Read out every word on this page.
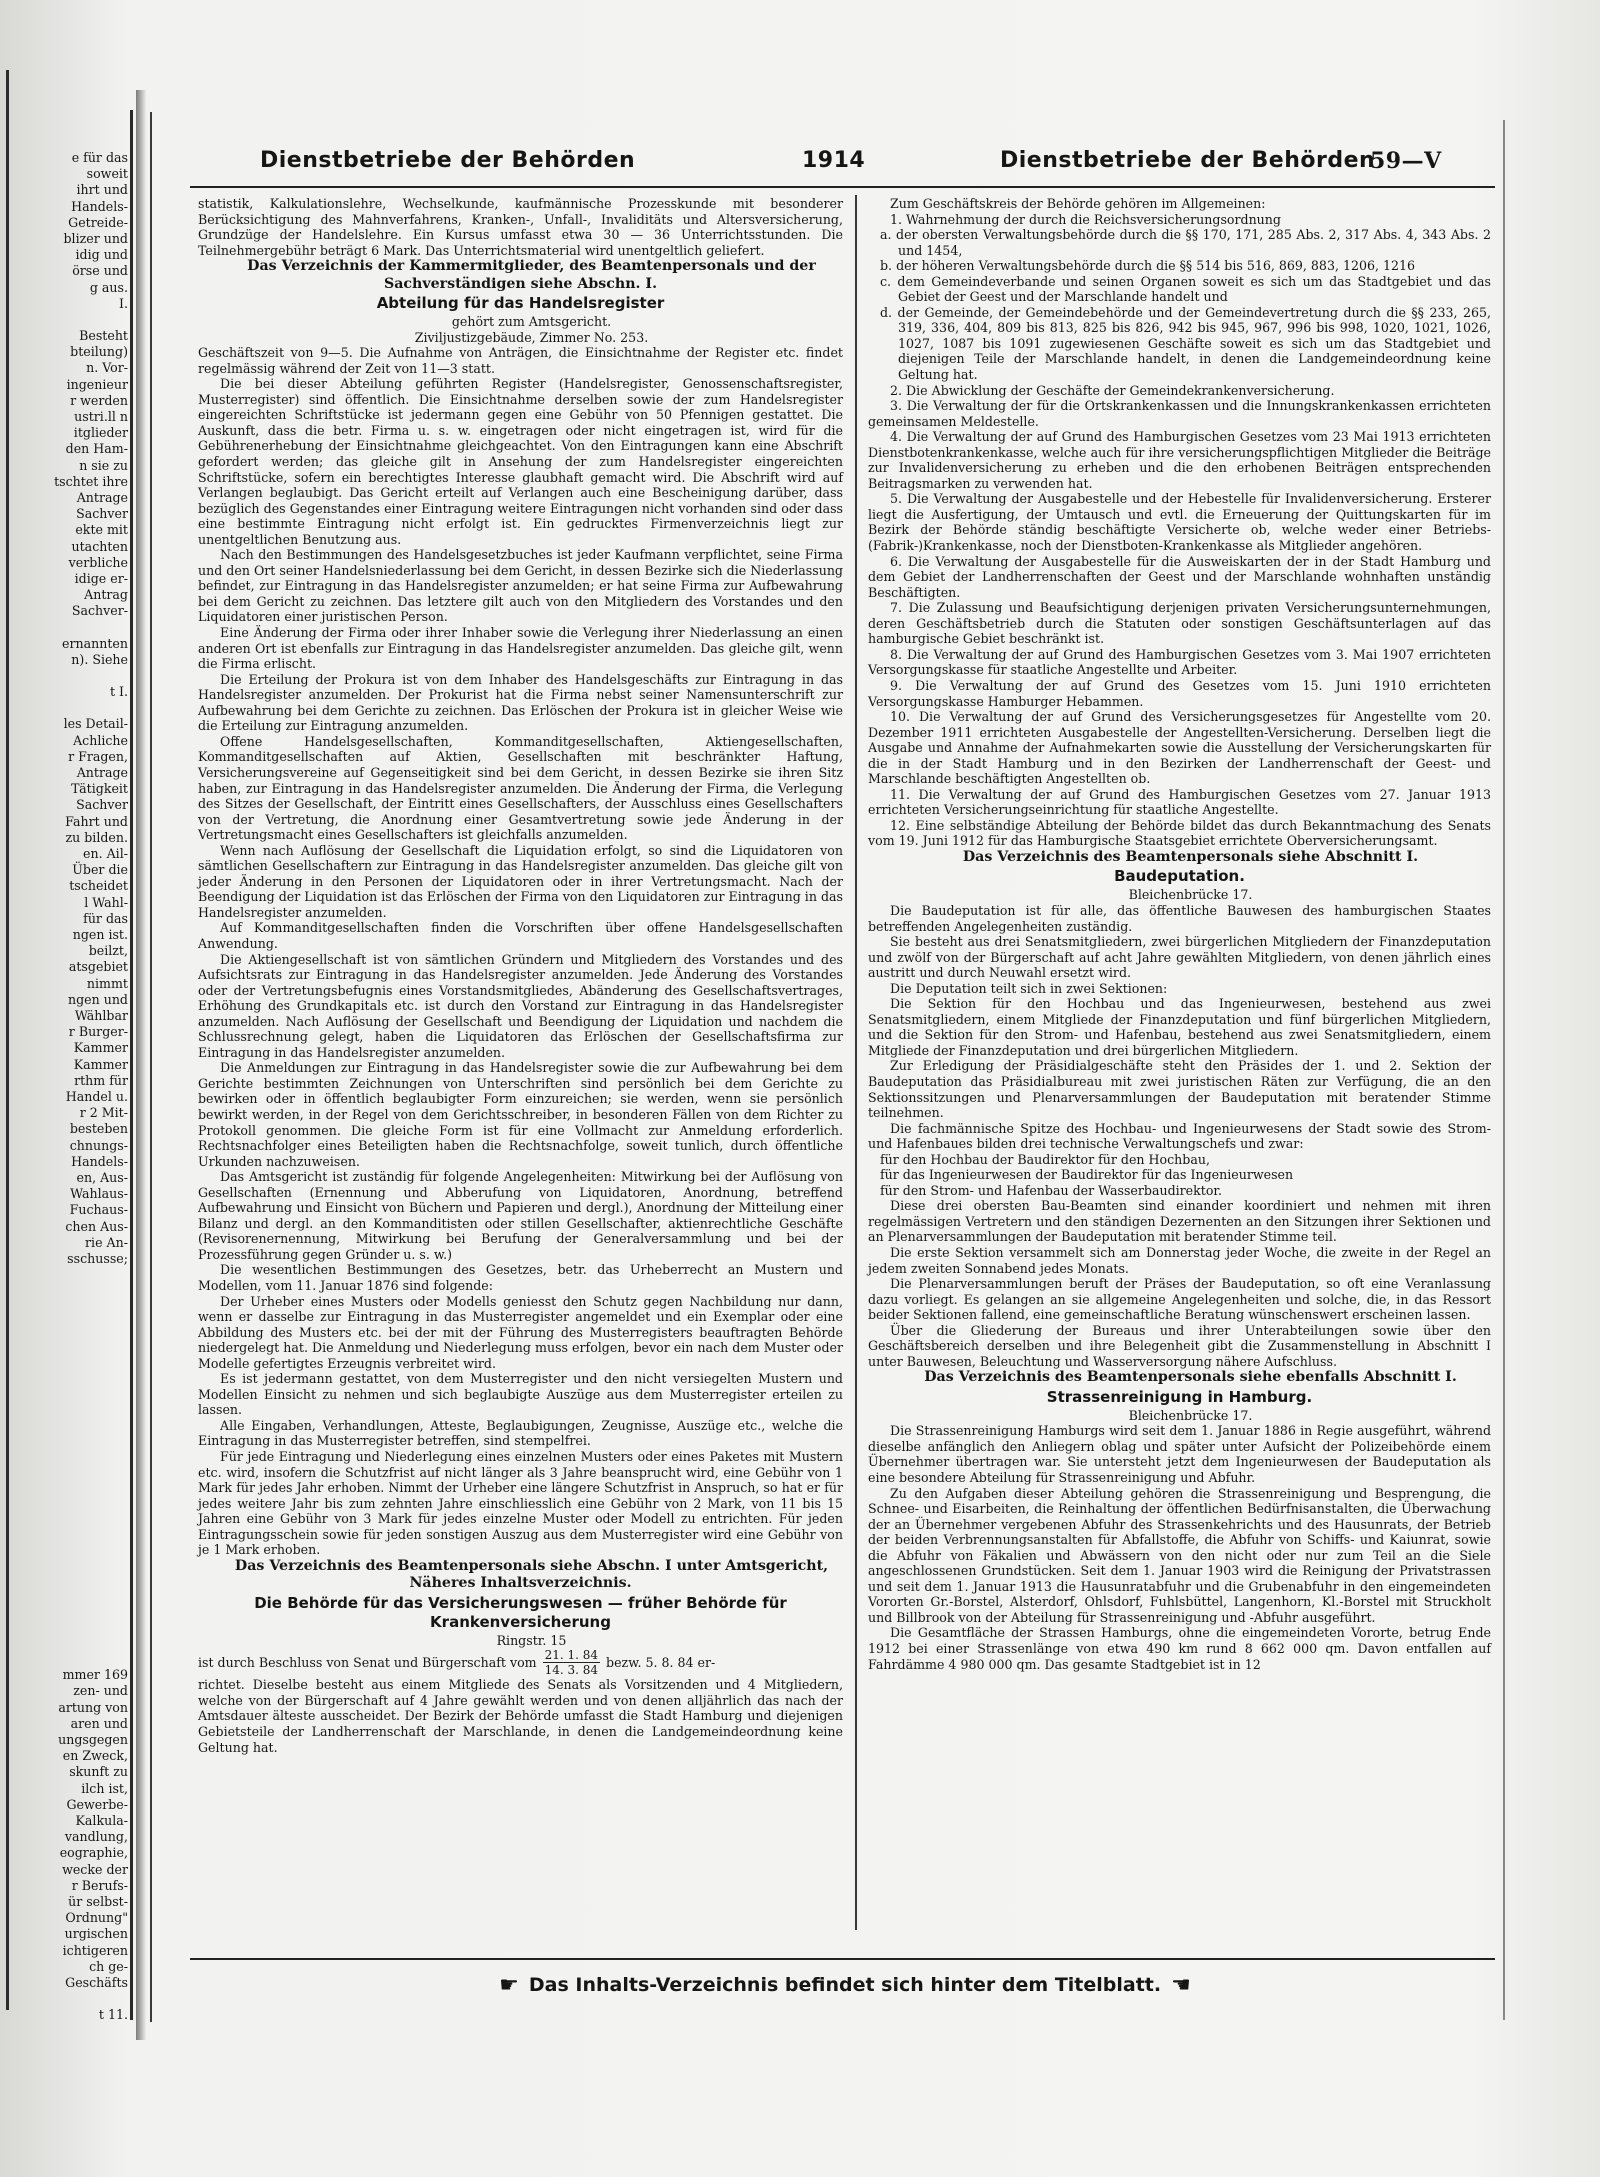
e für das
soweit
ihrt und
Handels-
Getreide-
blizer und
idig und
örse und
g aus.
I.
Besteht
bteilung)
n. Vor-
ingenieur
r werden
ustri.ll n
itglieder
den Ham-
n sie zu
tschtet ihre
Antrage
Sachver
ekte mit
utachten
verbliche
idige er-
Antrag
Sachver-
ernannten
n). Siehe
t I.
les Detail-
Achliche
r Fragen,
Antrage
Tätigkeit
Sachver
Fahrt und
zu bilden.
en. Ail-
Über die
tscheidet
l Wahl-
für das
ngen ist.
beilzt,
atsgebiet
nimmt
ngen und
Wählbar
r Burger-
Kammer
Kammer
rthm für
Handel u.
r 2 Mit-
besteben
chnungs-
Handels-
en, Aus-
Wahlaus-
Fuchaus-
chen Aus-
rie An-
sschusse;
mmer 169
zen- und
artung von
aren und
ungsgegen
en Zweck,
skunft zu
ilch ist,
Gewerbe-
Kalkula-
vandlung,
eographie,
wecke der
r Berufs-
ür selbst-
Ordnung"
urgischen
ichtigeren
ch ge-
Geschäfts
t 11.
Dienstbetriebe der Behörden	1914	Dienstbetriebe der Behörden
59—V

statistik, Kalkulationslehre, Wechselkunde, kaufmännische Prozesskunde mit besonderer Berücksichtigung des Mahnverfahrens, Kranken-, Unfall-, Invaliditäts und Altersversicherung, Grundzüge der Handelslehre. Ein Kursus umfasst etwa 30 — 36 Unterrichtsstunden. Die Teilnehmergebühr beträgt 6 Mark. Das Unterrichtsmaterial wird unentgeltlich geliefert.

Das Verzeichnis der Kammermitglieder, des Beamtenpersonals und der Sachverständigen siehe Abschn. I.

Abteilung für das Handelsregister

gehört zum Amtsgericht.

Ziviljustizgebäude, Zimmer No. 253.

Geschäftszeit von 9—5. Die Aufnahme von Anträgen, die Einsichtnahme der Register etc. findet regelmässig während der Zeit von 11—3 statt.

Die bei dieser Abteilung geführten Register (Handelsregister, Genossenschaftsregister, Musterregister) sind öffentlich. Die Einsichtnahme derselben sowie der zum Handelsregister eingereichten Schriftstücke ist jedermann gegen eine Gebühr von 50 Pfennigen gestattet. Die Auskunft, dass die betr. Firma u. s. w. eingetragen oder nicht eingetragen ist, wird für die Gebührenerhebung der Einsichtnahme gleichgeachtet. Von den Eintragungen kann eine Abschrift gefordert werden; das gleiche gilt in Ansehung der zum Handelsregister eingereichten Schriftstücke, sofern ein berechtigtes Interesse glaubhaft gemacht wird. Die Abschrift wird auf Verlangen beglaubigt. Das Gericht erteilt auf Verlangen auch eine Bescheinigung darüber, dass bezüglich des Gegenstandes einer Eintragung weitere Eintragungen nicht vorhanden sind oder dass eine bestimmte Eintragung nicht erfolgt ist. Ein gedrucktes Firmenverzeichnis liegt zur unentgeltlichen Benutzung aus.

Nach den Bestimmungen des Handelsgesetzbuches ist jeder Kaufmann verpflichtet, seine Firma und den Ort seiner Handelsniederlassung bei dem Gericht, in dessen Bezirke sich die Niederlassung befindet, zur Eintragung in das Handelsregister anzumelden; er hat seine Firma zur Aufbewahrung bei dem Gericht zu zeichnen. Das letztere gilt auch von den Mitgliedern des Vorstandes und den Liquidatoren einer juristischen Person.

Eine Änderung der Firma oder ihrer Inhaber sowie die Verlegung ihrer Niederlassung an einen anderen Ort ist ebenfalls zur Eintragung in das Handelsregister anzumelden. Das gleiche gilt, wenn die Firma erlischt.

Die Erteilung der Prokura ist von dem Inhaber des Handelsgeschäfts zur Eintragung in das Handelsregister anzumelden. Der Prokurist hat die Firma nebst seiner Namensunterschrift zur Aufbewahrung bei dem Gerichte zu zeichnen. Das Erlöschen der Prokura ist in gleicher Weise wie die Erteilung zur Eintragung anzumelden.

Offene Handelsgesellschaften, Kommanditgesellschaften, Aktiengesellschaften, Kommanditgesellschaften auf Aktien, Gesellschaften mit beschränkter Haftung, Versicherungsvereine auf Gegenseitigkeit sind bei dem Gericht, in dessen Bezirke sie ihren Sitz haben, zur Eintragung in das Handelsregister anzumelden. Die Änderung der Firma, die Verlegung des Sitzes der Gesellschaft, der Eintritt eines Gesellschafters, der Ausschluss eines Gesellschafters von der Vertretung, die Anordnung einer Gesamtvertretung sowie jede Änderung in der Vertretungsmacht eines Gesellschafters ist gleichfalls anzumelden.

Wenn nach Auflösung der Gesellschaft die Liquidation erfolgt, so sind die Liquidatoren von sämtlichen Gesellschaftern zur Eintragung in das Handelsregister anzumelden. Das gleiche gilt von jeder Änderung in den Personen der Liquidatoren oder in ihrer Vertretungsmacht. Nach der Beendigung der Liquidation ist das Erlöschen der Firma von den Liquidatoren zur Eintragung in das Handelsregister anzumelden.

Auf Kommanditgesellschaften finden die Vorschriften über offene Handelsgesellschaften Anwendung.

Die Aktiengesellschaft ist von sämtlichen Gründern und Mitgliedern des Vorstandes und des Aufsichtsrats zur Eintragung in das Handelsregister anzumelden. Jede Änderung des Vorstandes oder der Vertretungsbefugnis eines Vorstandsmitgliedes, Abänderung des Gesellschaftsvertrages, Erhöhung des Grundkapitals etc. ist durch den Vorstand zur Eintragung in das Handelsregister anzumelden. Nach Auflösung der Gesellschaft und Beendigung der Liquidation und nachdem die Schlussrechnung gelegt, haben die Liquidatoren das Erlöschen der Gesellschaftsfirma zur Eintragung in das Handelsregister anzumelden.

Die Anmeldungen zur Eintragung in das Handelsregister sowie die zur Aufbewahrung bei dem Gerichte bestimmten Zeichnungen von Unterschriften sind persönlich bei dem Gerichte zu bewirken oder in öffentlich beglaubigter Form einzureichen; sie werden, wenn sie persönlich bewirkt werden, in der Regel von dem Gerichtsschreiber, in besonderen Fällen von dem Richter zu Protokoll genommen. Die gleiche Form ist für eine Vollmacht zur Anmeldung erforderlich. Rechtsnachfolger eines Beteiligten haben die Rechtsnachfolge, soweit tunlich, durch öffentliche Urkunden nachzuweisen.

Das Amtsgericht ist zuständig für folgende Angelegenheiten: Mitwirkung bei der Auflösung von Gesellschaften (Ernennung und Abberufung von Liquidatoren, Anordnung, betreffend Aufbewahrung und Einsicht von Büchern und Papieren und dergl.), Anordnung der Mitteilung einer Bilanz und dergl. an den Kommanditisten oder stillen Gesellschafter, aktienrechtliche Geschäfte (Revisorenernennung, Mitwirkung bei Berufung der Generalversammlung und bei der Prozessführung gegen Gründer u. s. w.)

Die wesentlichen Bestimmungen des Gesetzes, betr. das Urheberrecht an Mustern und Modellen, vom 11. Januar 1876 sind folgende:

Der Urheber eines Musters oder Modells geniesst den Schutz gegen Nachbildung nur dann, wenn er dasselbe zur Eintragung in das Musterregister angemeldet und ein Exemplar oder eine Abbildung des Musters etc. bei der mit der Führung des Musterregisters beauftragten Behörde niedergelegt hat. Die Anmeldung und Niederlegung muss erfolgen, bevor ein nach dem Muster oder Modelle gefertigtes Erzeugnis verbreitet wird.

Es ist jedermann gestattet, von dem Musterregister und den nicht versiegelten Mustern und Modellen Einsicht zu nehmen und sich beglaubigte Auszüge aus dem Musterregister erteilen zu lassen.

Alle Eingaben, Verhandlungen, Atteste, Beglaubigungen, Zeugnisse, Auszüge etc., welche die Eintragung in das Musterregister betreffen, sind stempelfrei.

Für jede Eintragung und Niederlegung eines einzelnen Musters oder eines Paketes mit Mustern etc. wird, insofern die Schutzfrist auf nicht länger als 3 Jahre beansprucht wird, eine Gebühr von 1 Mark für jedes Jahr erhoben. Nimmt der Urheber eine längere Schutzfrist in Anspruch, so hat er für jedes weitere Jahr bis zum zehnten Jahre einschliesslich eine Gebühr von 2 Mark, von 11 bis 15 Jahren eine Gebühr von 3 Mark für jedes einzelne Muster oder Modell zu entrichten. Für jeden Eintragungsschein sowie für jeden sonstigen Auszug aus dem Musterregister wird eine Gebühr von je 1 Mark erhoben.

Das Verzeichnis des Beamtenpersonals siehe Abschn. I unter Amtsgericht, Näheres Inhaltsverzeichnis.

Die Behörde für das Versicherungswesen — früher Behörde für Krankenversicherung

Ringstr. 15

ist durch Beschluss von Senat und Bürgerschaft vom $\frac{21. 1. 84}{14. 3. 84}$ bezw. 5. 8. 84 er-

richtet. Dieselbe besteht aus einem Mitgliede des Senats als Vorsitzenden und 4 Mitgliedern, welche von der Bürgerschaft auf 4 Jahre gewählt werden und von denen alljährlich das nach der Amtsdauer älteste ausscheidet. Der Bezirk der Behörde umfasst die Stadt Hamburg und diejenigen Gebietsteile der Landherrenschaft der Marschlande, in denen die Landgemeindeordnung keine Geltung hat.

Zum Geschäftskreis der Behörde gehören im Allgemeinen:

1. Wahrnehmung der durch die Reichsversicherungsordnung

a. der obersten Verwaltungsbehörde durch die §§ 170, 171, 285 Abs. 2, 317 Abs. 4, 343 Abs. 2 und 1454,

b. der höheren Verwaltungsbehörde durch die §§ 514 bis 516, 869, 883, 1206, 1216

c. dem Gemeindeverbande und seinen Organen soweit es sich um das Stadtgebiet und das Gebiet der Geest und der Marschlande handelt und

d. der Gemeinde, der Gemeindebehörde und der Gemeindevertretung durch die §§ 233, 265, 319, 336, 404, 809 bis 813, 825 bis 826, 942 bis 945, 967, 996 bis 998, 1020, 1021, 1026, 1027, 1087 bis 1091 zugewiesenen Geschäfte soweit es sich um das Stadtgebiet und diejenigen Teile der Marschlande handelt, in denen die Landgemeindeordnung keine Geltung hat.

2. Die Abwicklung der Geschäfte der Gemeindekrankenversicherung.

3. Die Verwaltung der für die Ortskrankenkassen und die Innungskrankenkassen errichteten gemeinsamen Meldestelle.

4. Die Verwaltung der auf Grund des Hamburgischen Gesetzes vom 23 Mai 1913 errichteten Dienstbotenkrankenkasse, welche auch für ihre versicherungspflichtigen Mitglieder die Beiträge zur Invalidenversicherung zu erheben und die den erhobenen Beiträgen entsprechenden Beitragsmarken zu verwenden hat.

5. Die Verwaltung der Ausgabestelle und der Hebestelle für Invalidenversicherung. Ersterer liegt die Ausfertigung, der Umtausch und evtl. die Erneuerung der Quittungskarten für im Bezirk der Behörde ständig beschäftigte Versicherte ob, welche weder einer Betriebs-(Fabrik-)Krankenkasse, noch der Dienstboten-Krankenkasse als Mitglieder angehören.

6. Die Verwaltung der Ausgabestelle für die Ausweiskarten der in der Stadt Hamburg und dem Gebiet der Landherrenschaften der Geest und der Marschlande wohnhaften unständig Beschäftigten.

7. Die Zulassung und Beaufsichtigung derjenigen privaten Versicherungsunternehmungen, deren Geschäftsbetrieb durch die Statuten oder sonstigen Geschäftsunterlagen auf das hamburgische Gebiet beschränkt ist.

8. Die Verwaltung der auf Grund des Hamburgischen Gesetzes vom 3. Mai 1907 errichteten Versorgungskasse für staatliche Angestellte und Arbeiter.

9. Die Verwaltung der auf Grund des Gesetzes vom 15. Juni 1910 errichteten Versorgungskasse Hamburger Hebammen.

10. Die Verwaltung der auf Grund des Versicherungsgesetzes für Angestellte vom 20. Dezember 1911 errichteten Ausgabestelle der Angestellten-Versicherung. Derselben liegt die Ausgabe und Annahme der Aufnahmekarten sowie die Ausstellung der Versicherungskarten für die in der Stadt Hamburg und in den Bezirken der Landherrenschaft der Geest- und Marschlande beschäftigten Angestellten ob.

11. Die Verwaltung der auf Grund des Hamburgischen Gesetzes vom 27. Januar 1913 errichteten Versicherungseinrichtung für staatliche Angestellte.

12. Eine selbständige Abteilung der Behörde bildet das durch Bekanntmachung des Senats vom 19. Juni 1912 für das Hamburgische Staatsgebiet errichtete Oberversicherungsamt.

Das Verzeichnis des Beamtenpersonals siehe Abschnitt I.

Baudeputation.

Bleichenbrücke 17.

Die Baudeputation ist für alle, das öffentliche Bauwesen des hamburgischen Staates betreffenden Angelegenheiten zuständig.

Sie besteht aus drei Senatsmitgliedern, zwei bürgerlichen Mitgliedern der Finanzdeputation und zwölf von der Bürgerschaft auf acht Jahre gewählten Mitgliedern, von denen jährlich eines austritt und durch Neuwahl ersetzt wird.

Die Deputation teilt sich in zwei Sektionen:

Die Sektion für den Hochbau und das Ingenieurwesen, bestehend aus zwei Senatsmitgliedern, einem Mitgliede der Finanzdeputation und fünf bürgerlichen Mitgliedern, und die Sektion für den Strom- und Hafenbau, bestehend aus zwei Senatsmitgliedern, einem Mitgliede der Finanzdeputation und drei bürgerlichen Mitgliedern.

Zur Erledigung der Präsidialgeschäfte steht den Präsides der 1. und 2. Sektion der Baudeputation das Präsidialbureau mit zwei juristischen Räten zur Verfügung, die an den Sektionssitzungen und Plenarversammlungen der Baudeputation mit beratender Stimme teilnehmen.

Die fachmännische Spitze des Hochbau- und Ingenieurwesens der Stadt sowie des Strom- und Hafenbaues bilden drei technische Verwaltungschefs und zwar:

für den Hochbau der Baudirektor für den Hochbau,

für das Ingenieurwesen der Baudirektor für das Ingenieurwesen

für den Strom- und Hafenbau der Wasserbaudirektor.

Diese drei obersten Bau-Beamten sind einander koordiniert und nehmen mit ihren regelmässigen Vertretern und den ständigen Dezernenten an den Sitzungen ihrer Sektionen und an Plenarversammlungen der Baudeputation mit beratender Stimme teil.

Die erste Sektion versammelt sich am Donnerstag jeder Woche, die zweite in der Regel an jedem zweiten Sonnabend jedes Monats.

Die Plenarversammlungen beruft der Präses der Baudeputation, so oft eine Veranlassung dazu vorliegt. Es gelangen an sie allgemeine Angelegenheiten und solche, die, in das Ressort beider Sektionen fallend, eine gemeinschaftliche Beratung wünschenswert erscheinen lassen.

Über die Gliederung der Bureaus und ihrer Unterabteilungen sowie über den Geschäftsbereich derselben und ihre Belegenheit gibt die Zusammenstellung in Abschnitt I unter Bauwesen, Beleuchtung und Wasserversorgung nähere Aufschluss.

Das Verzeichnis des Beamtenpersonals siehe ebenfalls Abschnitt I.

Strassenreinigung in Hamburg.

Bleichenbrücke 17.

Die Strassenreinigung Hamburgs wird seit dem 1. Januar 1886 in Regie ausgeführt, während dieselbe anfänglich den Anliegern oblag und später unter Aufsicht der Polizeibehörde einem Übernehmer übertragen war. Sie untersteht jetzt dem Ingenieurwesen der Baudeputation als eine besondere Abteilung für Strassenreinigung und Abfuhr.

Zu den Aufgaben dieser Abteilung gehören die Strassenreinigung und Besprengung, die Schnee- und Eisarbeiten, die Reinhaltung der öffentlichen Bedürfnisanstalten, die Überwachung der an Übernehmer vergebenen Abfuhr des Strassenkehrichts und des Hausunrats, der Betrieb der beiden Verbrennungsanstalten für Abfallstoffe, die Abfuhr von Schiffs- und Kaiunrat, sowie die Abfuhr von Fäkalien und Abwässern von den nicht oder nur zum Teil an die Siele angeschlossenen Grundstücken. Seit dem 1. Januar 1903 wird die Reinigung der Privatstrassen und seit dem 1. Januar 1913 die Hausunratabfuhr und die Grubenabfuhr in den eingemeindeten Vororten Gr.-Borstel, Alsterdorf, Ohlsdorf, Fuhlsbüttel, Langenhorn, Kl.-Borstel mit Struckholt und Billbrook von der Abteilung für Strassenreinigung und -Abfuhr ausgeführt.

Die Gesamtfläche der Strassen Hamburgs, ohne die eingemeindeten Vororte, betrug Ende 1912 bei einer Strassenlänge von etwa 490 km rund 8 662 000 qm. Davon entfallen auf Fahrdämme 4 980 000 qm. Das gesamte Stadtgebiet ist in 12

☛ Das Inhalts-Verzeichnis befindet sich hinter dem Titelblatt. ☚
